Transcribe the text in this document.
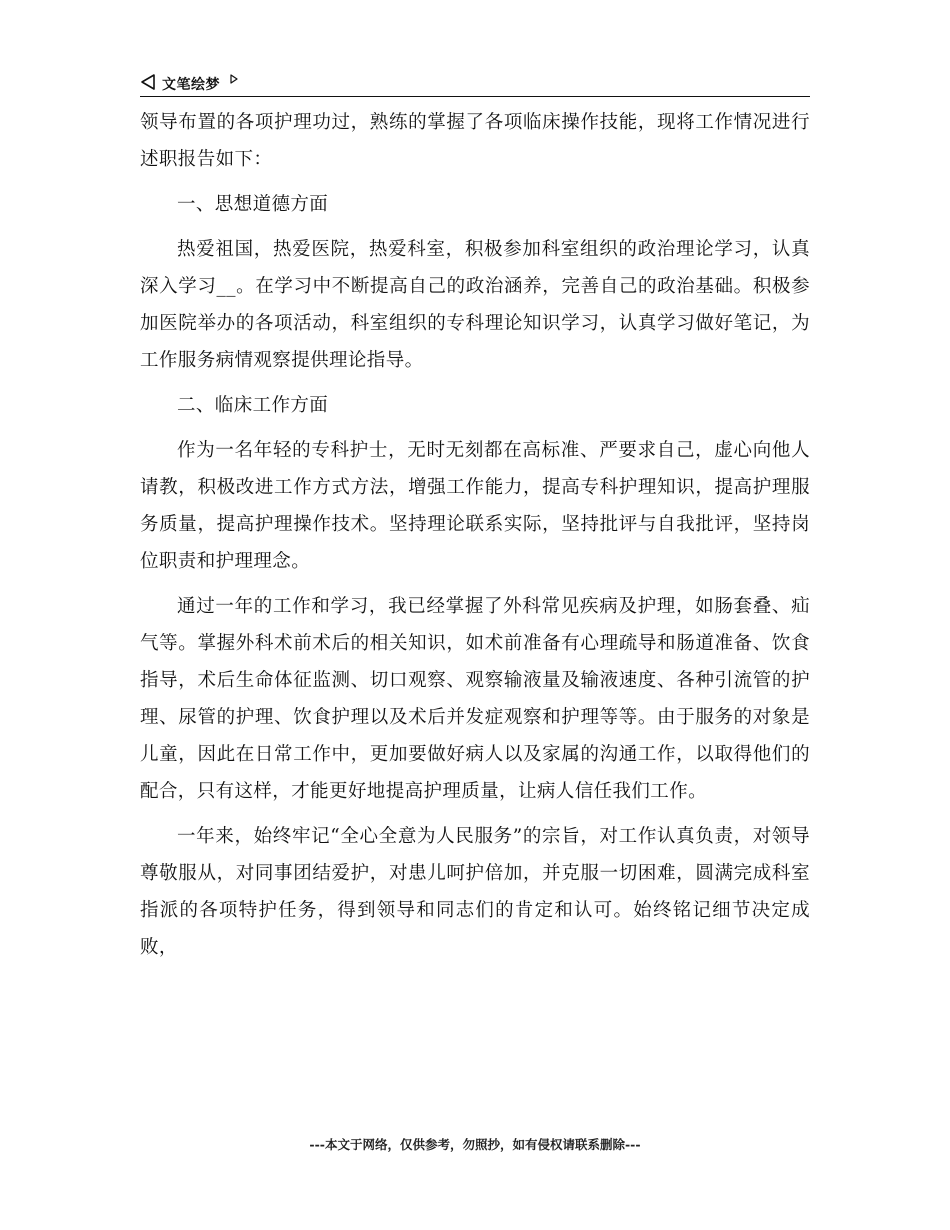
文笔绘梦

领导布置的各项护理功过，熟练的掌握了各项临床操作技能，现将工作情况进行述职报告如下：

一、思想道德方面

热爱祖国，热爱医院，热爱科室，积极参加科室组织的政治理论学习，认真深入学习__。在学习中不断提高自己的政治涵养，完善自己的政治基础。积极参加医院举办的各项活动，科室组织的专科理论知识学习，认真学习做好笔记，为工作服务病情观察提供理论指导。

二、临床工作方面

作为一名年轻的专科护士，无时无刻都在高标准、严要求自己，虚心向他人请教，积极改进工作方式方法，增强工作能力，提高专科护理知识，提高护理服务质量，提高护理操作技术。坚持理论联系实际，坚持批评与自我批评，坚持岗位职责和护理理念。

通过一年的工作和学习，我已经掌握了外科常见疾病及护理，如肠套叠、疝气等。掌握外科术前术后的相关知识，如术前准备有心理疏导和肠道准备、饮食指导，术后生命体征监测、切口观察、观察输液量及输液速度、各种引流管的护理、尿管的护理、饮食护理以及术后并发症观察和护理等等。由于服务的对象是儿童，因此在日常工作中，更加要做好病人以及家属的沟通工作，以取得他们的配合，只有这样，才能更好地提高护理质量，让病人信任我们工作。

一年来，始终牢记“全心全意为人民服务”的宗旨，对工作认真负责，对领导尊敬服从，对同事团结爱护，对患儿呵护倍加，并克服一切困难，圆满完成科室指派的各项特护任务，得到领导和同志们的肯定和认可。始终铭记细节决定成败，

---本文于网络，仅供参考，勿照抄，如有侵权请联系删除---
